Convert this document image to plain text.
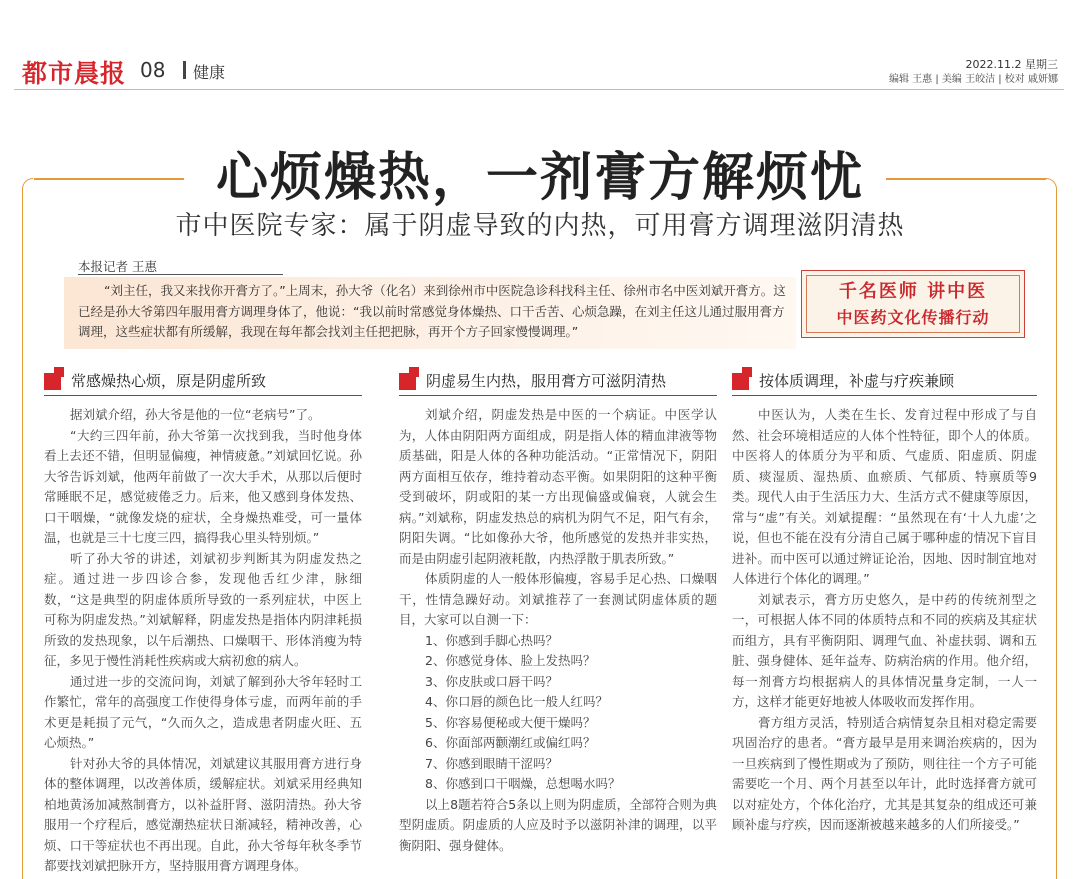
都市晨报 08 健康	2022.11.2 星期三
编辑 王惠 | 美编 王皎洁 | 校对 戚妍娜
心烦燥热，一剂膏方解烦忧
市中医院专家：属于阴虚导致的内热，可用膏方调理滋阴清热
本报记者 王惠

“刘主任，我又来找你开膏方了。”上周末，孙大爷（化名）来到徐州市中医院急诊科找科主任、徐州市名中医刘斌开膏方。这已经是孙大爷第四年服用膏方调理身体了，他说：“我以前时常感觉身体燥热、口干舌苦、心烦急躁，在刘主任这儿通过服用膏方调理，这些症状都有所缓解，我现在每年都会找刘主任把把脉，再开个方子回家慢慢调理。”

千名医师 讲中医
中医药文化传播行动
常感燥热心烦，原是阴虚所致

据刘斌介绍，孙大爷是他的一位“老病号”了。

“大约三四年前，孙大爷第一次找到我，当时他身体看上去还不错，但明显偏瘦，神情疲惫。”刘斌回忆说。孙大爷告诉刘斌，他两年前做了一次大手术，从那以后便时常睡眠不足，感觉疲倦乏力。后来，他又感到身体发热、口干咽燥，“就像发烧的症状，全身燥热难受，可一量体温，也就是三十七度三四，搞得我心里头特别烦。”

听了孙大爷的讲述，刘斌初步判断其为阴虚发热之症。通过进一步四诊合参，发现他舌红少津，脉细数，“这是典型的阴虚体质所导致的一系列症状，中医上可称为阴虚发热。”刘斌解释，阴虚发热是指体内阴津耗损所致的发热现象，以午后潮热、口燥咽干、形体消瘦为特征，多见于慢性消耗性疾病或大病初愈的病人。

通过进一步的交流问询，刘斌了解到孙大爷年轻时工作繁忙，常年的高强度工作使得身体亏虚，而两年前的手术更是耗损了元气，“久而久之，造成患者阴虚火旺、五心烦热。”

针对孙大爷的具体情况，刘斌建议其服用膏方进行身体的整体调理，以改善体质，缓解症状。刘斌采用经典知柏地黄汤加减熬制膏方，以补益肝肾、滋阴清热。孙大爷服用一个疗程后，感觉潮热症状日渐减轻，精神改善，心烦、口干等症状也不再出现。自此，孙大爷每年秋冬季节都要找刘斌把脉开方，坚持服用膏方调理身体。

阴虚易生内热，服用膏方可滋阴清热

刘斌介绍，阴虚发热是中医的一个病证。中医学认为，人体由阴阳两方面组成，阴是指人体的精血津液等物质基础，阳是人体的各种功能活动。“正常情况下，阴阳两方面相互依存，维持着动态平衡。如果阴阳的这种平衡受到破坏，阴或阳的某一方出现偏盛或偏衰，人就会生病。”刘斌称，阴虚发热总的病机为阴气不足，阳气有余，阴阳失调。“比如像孙大爷，他所感觉的发热并非实热，而是由阴虚引起阴液耗散，内热浮散于肌表所致。”

体质阴虚的人一般体形偏瘦，容易手足心热、口燥咽干，性情急躁好动。刘斌推荐了一套测试阴虚体质的题目，大家可以自测一下：

1、你感到手脚心热吗？

2、你感觉身体、脸上发热吗？

3、你皮肤或口唇干吗？

4、你口唇的颜色比一般人红吗？

5、你容易便秘或大便干燥吗？

6、你面部两颧潮红或偏红吗？

7、你感到眼睛干涩吗？

8、你感到口干咽燥，总想喝水吗？

以上8题若符合5条以上则为阴虚质，全部符合则为典型阴虚质。阴虚质的人应及时予以滋阴补津的调理，以平衡阴阳、强身健体。

按体质调理，补虚与疗疾兼顾

中医认为，人类在生长、发育过程中形成了与自然、社会环境相适应的人体个性特征，即个人的体质。中医将人的体质分为平和质、气虚质、阳虚质、阴虚质、痰湿质、湿热质、血瘀质、气郁质、特禀质等9类。现代人由于生活压力大、生活方式不健康等原因，常与“虚”有关。刘斌提醒：“虽然现在有‘十人九虚’之说，但也不能在没有分清自己属于哪种虚的情况下盲目进补。而中医可以通过辨证论治，因地、因时制宜地对人体进行个体化的调理。”

刘斌表示，膏方历史悠久，是中药的传统剂型之一，可根据人体不同的体质特点和不同的疾病及其症状而组方，具有平衡阴阳、调理气血、补虚扶弱、调和五脏、强身健体、延年益寿、防病治病的作用。他介绍，每一剂膏方均根据病人的具体情况量身定制，一人一方，这样才能更好地被人体吸收而发挥作用。

膏方组方灵活，特别适合病情复杂且相对稳定需要巩固治疗的患者。“膏方最早是用来调治疾病的，因为一旦疾病到了慢性期或为了预防，则往往一个方子可能需要吃一个月、两个月甚至以年计，此时选择膏方就可以对症处方，个体化治疗，尤其是其复杂的组成还可兼顾补虚与疗疾，因而逐渐被越来越多的人们所接受。”
